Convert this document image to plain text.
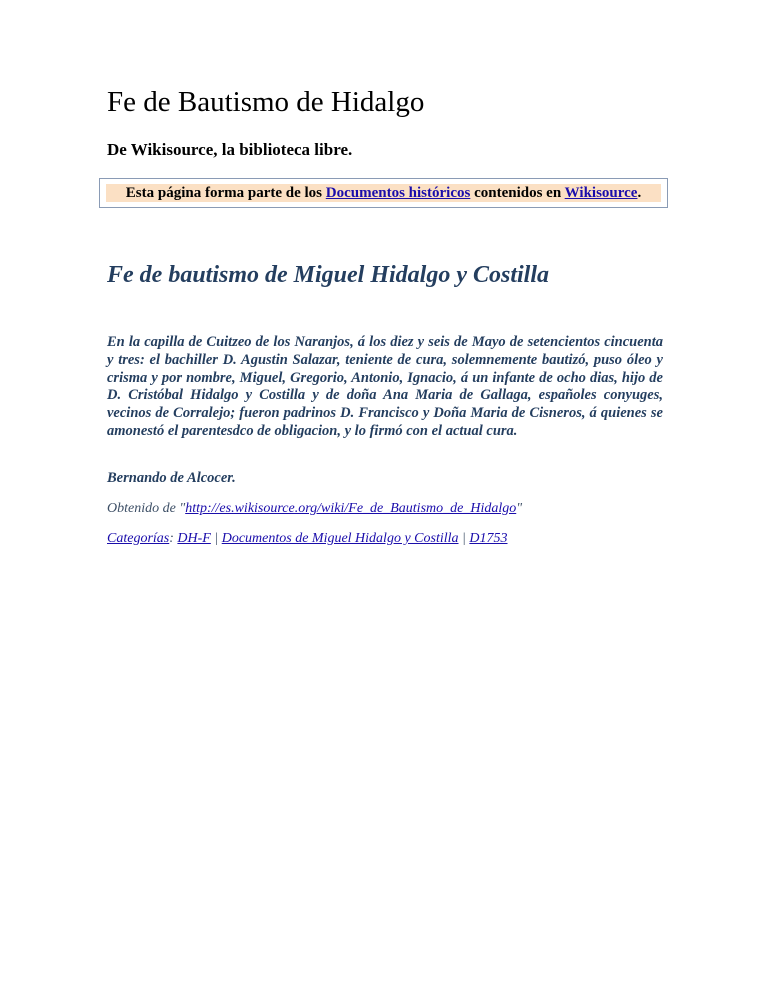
Fe de Bautismo de Hidalgo

De Wikisource, la biblioteca libre.

Esta página forma parte de los Documentos históricos contenidos en Wikisource.
Fe de bautismo de Miguel Hidalgo y Costilla

En la capilla de Cuitzeo de los Naranjos, á los diez y seis de Mayo de setencientos cincuenta y tres: el bachiller D. Agustin Salazar, teniente de cura, solemnemente bautizó, puso óleo y crisma y por nombre, Miguel, Gregorio, Antonio, Ignacio, á un infante de ocho dias, hijo de D. Cristóbal Hidalgo y Costilla y de doña Ana Maria de Gallaga, españoles conyuges, vecinos de Corralejo; fueron padrinos D. Francisco y Doña Maria de Cisneros, á quienes se amonestó el parentesdco de obligacion, y lo firmó con el actual cura.

Bernando de Alcocer.

Obtenido de "http://es.wikisource.org/wiki/Fe_de_Bautismo_de_Hidalgo"

Categorías: DH-F | Documentos de Miguel Hidalgo y Costilla | D1753
